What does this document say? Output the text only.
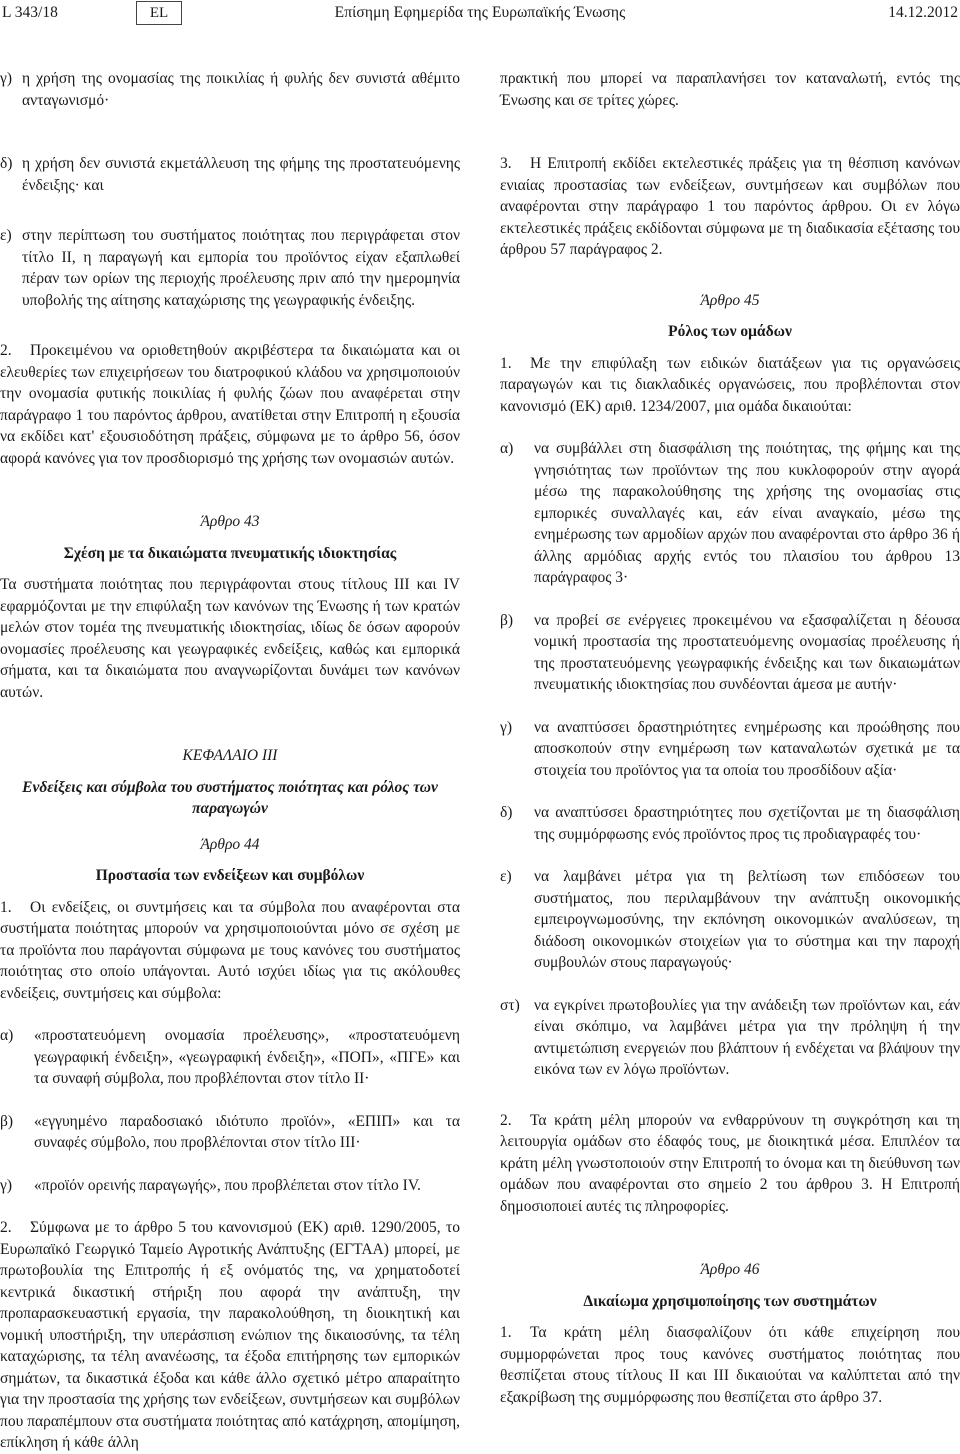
L 343/18	EL	Επίσημη Εφημερίδα της Ευρωπαϊκής Ένωσης	14.12.2012
γ) η χρήση της ονομασίας της ποικιλίας ή φυλής δεν συνιστά αθέμιτο ανταγωνισμό·
δ) η χρήση δεν συνιστά εκμετάλλευση της φήμης της προστατευόμενης ένδειξης· και
ε) στην περίπτωση του συστήματος ποιότητας που περιγράφεται στον τίτλο II, η παραγωγή και εμπορία του προϊόντος είχαν εξαπλωθεί πέραν των ορίων της περιοχής προέλευσης πριν από την ημερομηνία υποβολής της αίτησης καταχώρισης της γεωγραφικής ένδειξης.

2. Προκειμένου να οριοθετηθούν ακριβέστερα τα δικαιώματα και οι ελευθερίες των επιχειρήσεων του διατροφικού κλάδου να χρησιμοποιούν την ονομασία φυτικής ποικιλίας ή φυλής ζώων που αναφέρεται στην παράγραφο 1 του παρόντος άρθρου, ανατίθεται στην Επιτροπή η εξουσία να εκδίδει κατ' εξουσιοδότηση πράξεις, σύμφωνα με το άρθρο 56, όσον αφορά κανόνες για τον προσδιορισμό της χρήσης των ονομασιών αυτών.

Άρθρο 43

Σχέση με τα δικαιώματα πνευματικής ιδιοκτησίας

Τα συστήματα ποιότητας που περιγράφονται στους τίτλους III και IV εφαρμόζονται με την επιφύλαξη των κανόνων της Ένωσης ή των κρατών μελών στον τομέα της πνευματικής ιδιοκτησίας, ιδίως δε όσων αφορούν ονομασίες προέλευσης και γεωγραφικές ενδείξεις, καθώς και εμπορικά σήματα, και τα δικαιώματα που αναγνωρίζονται δυνάμει των κανόνων αυτών.

ΚΕΦΑΛΑΙΟ III

Ενδείξεις και σύμβολα του συστήματος ποιότητας και ρόλος των παραγωγών

Άρθρο 44

Προστασία των ενδείξεων και συμβόλων

1. Οι ενδείξεις, οι συντμήσεις και τα σύμβολα που αναφέρονται στα συστήματα ποιότητας μπορούν να χρησιμοποιούνται μόνο σε σχέση με τα προϊόντα που παράγονται σύμφωνα με τους κανόνες του συστήματος ποιότητας στο οποίο υπάγονται. Αυτό ισχύει ιδίως για τις ακόλουθες ενδείξεις, συντμήσεις και σύμβολα:

α)	«προστατευόμενη ονομασία προέλευσης», «προστατευόμενη γεωγραφική ένδειξη», «γεωγραφική ένδειξη», «ΠΟΠ», «ΠΓΕ» και τα συναφή σύμβολα, που προβλέπονται στον τίτλο II·
β)	«εγγυημένο παραδοσιακό ιδιότυπο προϊόν», «ΕΠΙΠ» και τα συναφές σύμβολο, που προβλέπονται στον τίτλο III·
γ)	«προϊόν ορεινής παραγωγής», που προβλέπεται στον τίτλο IV.

2. Σύμφωνα με το άρθρο 5 του κανονισμού (ΕΚ) αριθ. 1290/2005, το Ευρωπαϊκό Γεωργικό Ταμείο Αγροτικής Ανάπτυξης (ΕΓΤΑΑ) μπορεί, με πρωτοβουλία της Επιτροπής ή εξ ονόματός της, να χρηματοδοτεί κεντρικά δικαστική στήριξη που αφορά την ανάπτυξη, την προπαρασκευαστική εργασία, την παρακολούθηση, τη διοικητική και νομική υποστήριξη, την υπεράσπιση ενώπιον της δικαιοσύνης, τα τέλη καταχώρισης, τα τέλη ανανέωσης, τα έξοδα επιτήρησης των εμπορικών σημάτων, τα δικαστικά έξοδα και κάθε άλλο σχετικό μέτρο απαραίτητο για την προστασία της χρήσης των ενδείξεων, συντμήσεων και συμβόλων που παραπέμπουν στα συστήματα ποιότητας από κατάχρηση, απομίμηση, επίκληση ή κάθε άλλη

πρακτική που μπορεί να παραπλανήσει τον καταναλωτή, εντός της Ένωσης και σε τρίτες χώρες.

3. Η Επιτροπή εκδίδει εκτελεστικές πράξεις για τη θέσπιση κανόνων ενιαίας προστασίας των ενδείξεων, συντμήσεων και συμβόλων που αναφέρονται στην παράγραφο 1 του παρόντος άρθρου. Οι εν λόγω εκτελεστικές πράξεις εκδίδονται σύμφωνα με τη διαδικασία εξέτασης του άρθρου 57 παράγραφος 2.

Άρθρο 45

Ρόλος των ομάδων

1. Με την επιφύλαξη των ειδικών διατάξεων για τις οργανώσεις παραγωγών και τις διακλαδικές οργανώσεις, που προβλέπονται στον κανονισμό (ΕΚ) αριθ. 1234/2007, μια ομάδα δικαιούται:

α)	να συμβάλλει στη διασφάλιση της ποιότητας, της φήμης και της γνησιότητας των προϊόντων της που κυκλοφορούν στην αγορά μέσω της παρακολούθησης της χρήσης της ονομασίας στις εμπορικές συναλλαγές και, εάν είναι αναγκαίο, μέσω της ενημέρωσης των αρμοδίων αρχών που αναφέρονται στο άρθρο 36 ή άλλης αρμόδιας αρχής εντός του πλαισίου του άρθρου 13 παράγραφος 3·
β)	να προβεί σε ενέργειες προκειμένου να εξασφαλίζεται η δέουσα νομική προστασία της προστατευόμενης ονομασίας προέλευσης ή της προστατευόμενης γεωγραφικής ένδειξης και των δικαιωμάτων πνευματικής ιδιοκτησίας που συνδέονται άμεσα με αυτήν·
γ)	να αναπτύσσει δραστηριότητες ενημέρωσης και προώθησης που αποσκοπούν στην ενημέρωση των καταναλωτών σχετικά με τα στοιχεία του προϊόντος για τα οποία του προσδίδουν αξία·
δ)	να αναπτύσσει δραστηριότητες που σχετίζονται με τη διασφάλιση της συμμόρφωσης ενός προϊόντος προς τις προδιαγραφές του·
ε)	να λαμβάνει μέτρα για τη βελτίωση των επιδόσεων του συστήματος, που περιλαμβάνουν την ανάπτυξη οικονομικής εμπειρογνωμοσύνης, την εκπόνηση οικονομικών αναλύσεων, τη διάδοση οικονομικών στοιχείων για το σύστημα και την παροχή συμβουλών στους παραγωγούς·
στ) να εγκρίνει πρωτοβουλίες για την ανάδειξη των προϊόντων και, εάν είναι σκόπιμο, να λαμβάνει μέτρα για την πρόληψη ή την αντιμετώπιση ενεργειών που βλάπτουν ή ενδέχεται να βλάψουν την εικόνα των εν λόγω προϊόντων.

2. Τα κράτη μέλη μπορούν να ενθαρρύνουν τη συγκρότηση και τη λειτουργία ομάδων στο έδαφός τους, με διοικητικά μέσα. Επιπλέον τα κράτη μέλη γνωστοποιούν στην Επιτροπή το όνομα και τη διεύθυνση των ομάδων που αναφέρονται στο σημείο 2 του άρθρου 3. Η Επιτροπή δημοσιοποιεί αυτές τις πληροφορίες.

Άρθρο 46

Δικαίωμα χρησιμοποίησης των συστημάτων

1. Τα κράτη μέλη διασφαλίζουν ότι κάθε επιχείρηση που συμμορφώνεται προς τους κανόνες συστήματος ποιότητας που θεσπίζεται στους τίτλους II και III δικαιούται να καλύπτεται από την εξακρίβωση της συμμόρφωσης που θεσπίζεται στο άρθρο 37.
